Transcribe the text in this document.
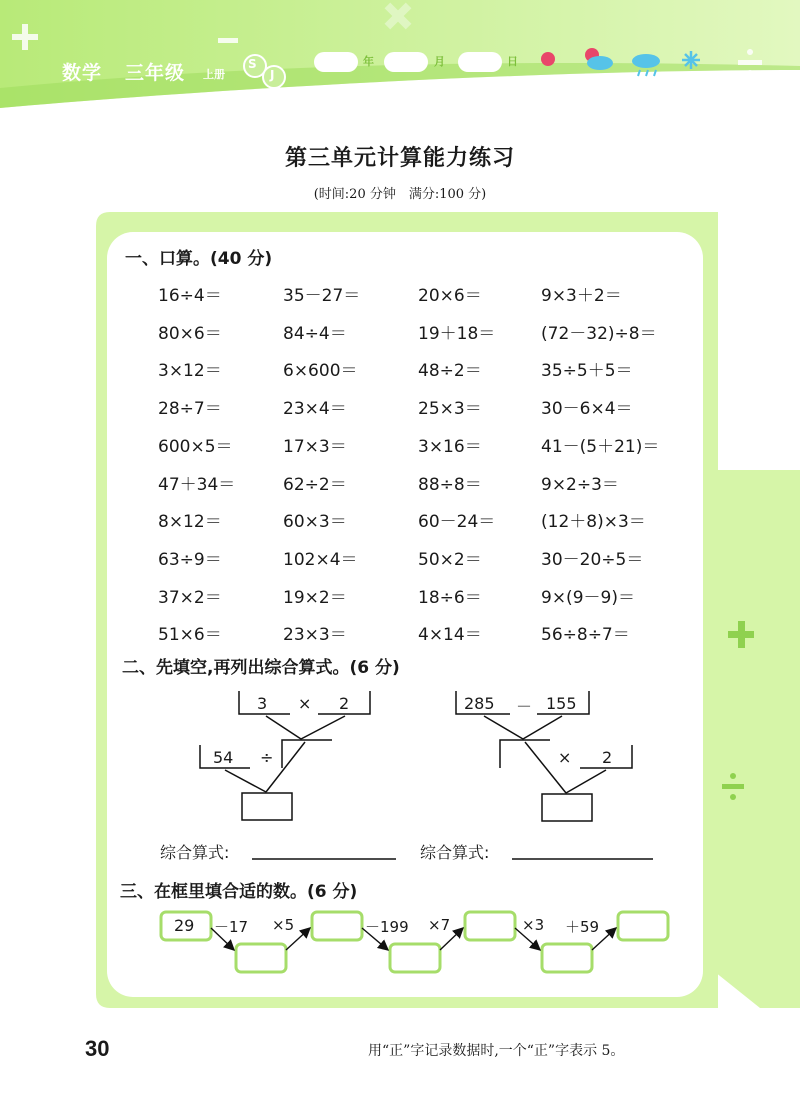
数学 三年级 上册
S
J
年	月	日
第三单元计算能力练习
(时间:20 分钟　满分:100 分)
一、口算。(40 分)
16÷4＝	35－27＝	20×6＝	9×3＋2＝
80×6＝	84÷4＝	19＋18＝	(72－32)÷8＝
3×12＝	6×600＝	48÷2＝	35÷5＋5＝
28÷7＝	23×4＝	25×3＝	30－6×4＝
600×5＝	17×3＝	3×16＝	41－(5＋21)＝
47＋34＝	62÷2＝	88÷8＝	9×2÷3＝
8×12＝	60×3＝	60－24＝	(12＋8)×3＝
63÷9＝	102×4＝	50×2＝	30－20÷5＝
37×2＝	19×2＝	18÷6＝	9×(9－9)＝
51×6＝	23×3＝	4×14＝	56÷8÷7＝
二、先填空,再列出综合算式。(6 分)
3 × 2
54 ÷
285 － 155
× 2
综合算式:	综合算式:
三、在框里填合适的数。(6 分)
29 －17 ×5	－199 ×7	×3 ＋59
30	用“正”字记录数据时,一个“正”字表示 5。
